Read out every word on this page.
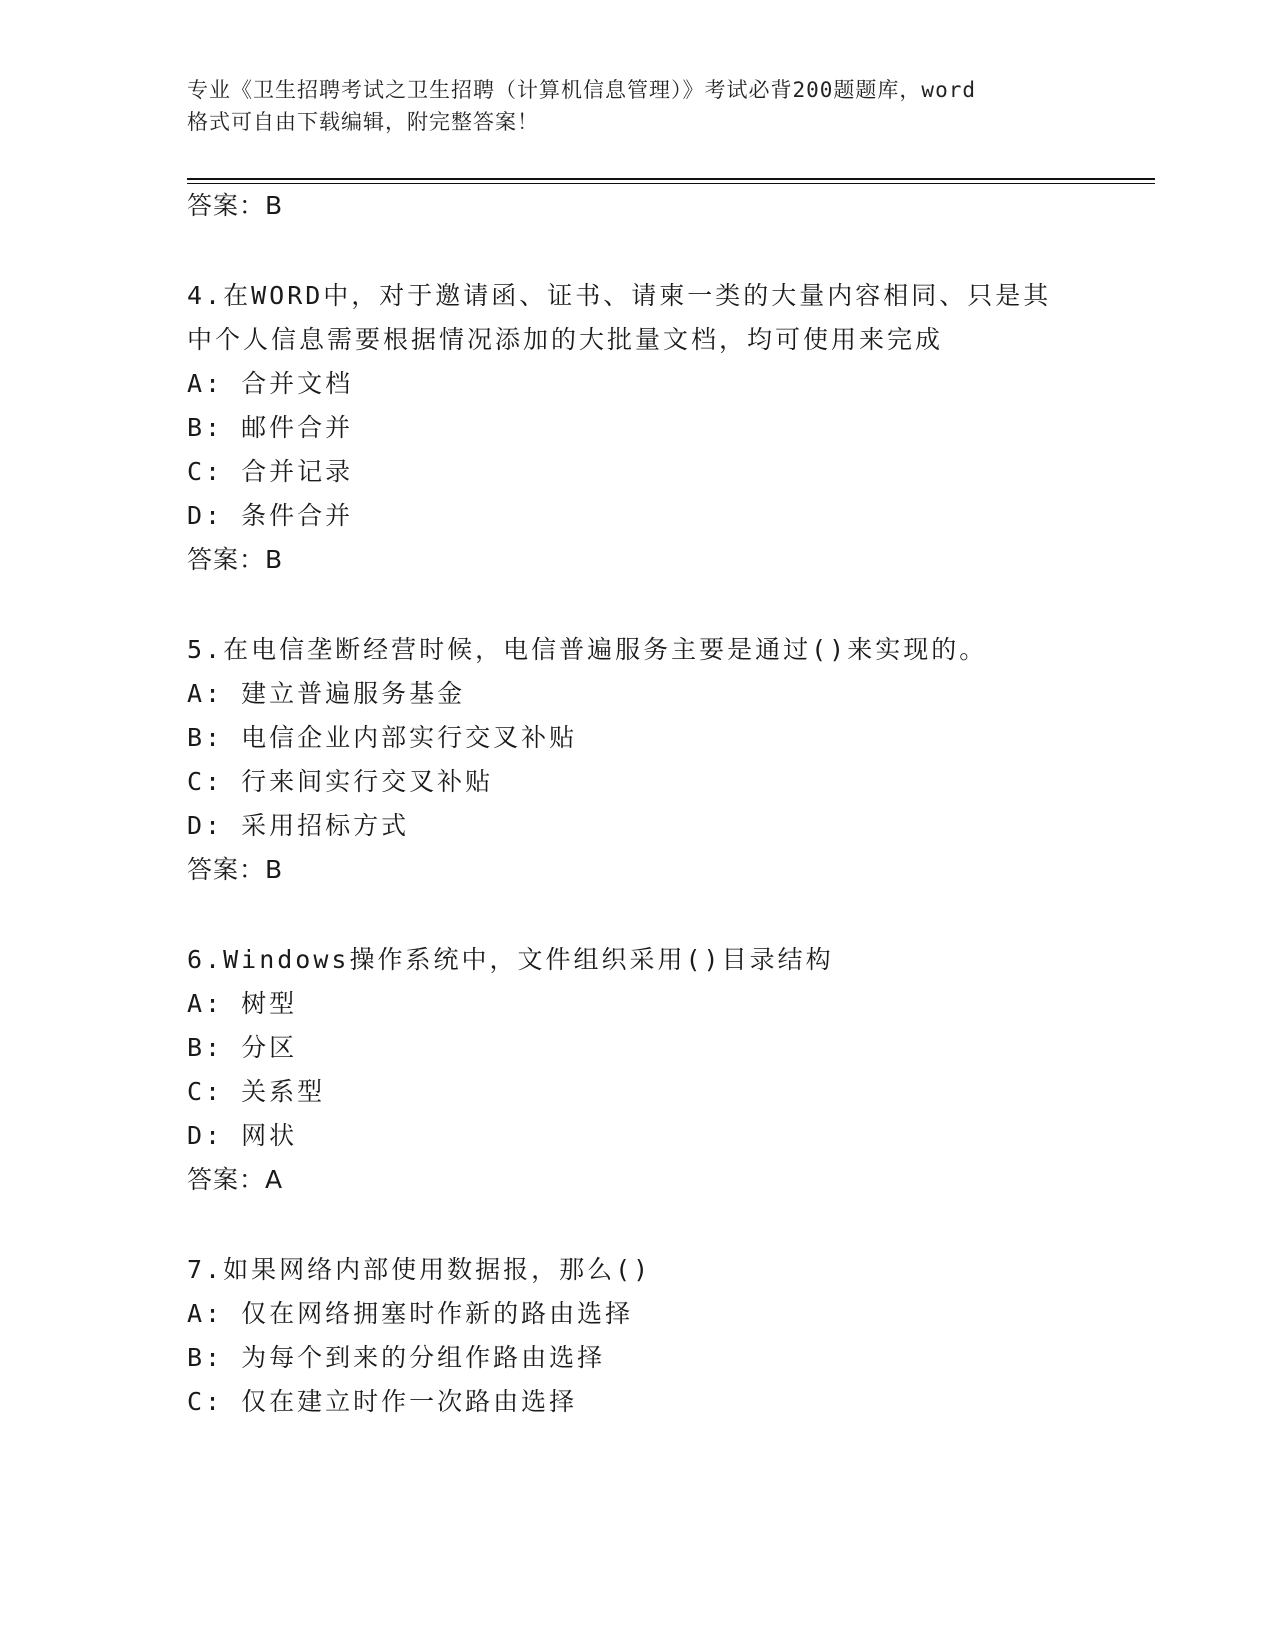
专业《卫生招聘考试之卫生招聘（计算机信息管理）》考试必背200题题库，word
格式可自由下载编辑，附完整答案！
答案：B
4.在WORD中，对于邀请函、证书、请柬一类的大量内容相同、只是其
中个人信息需要根据情况添加的大批量文档，均可使用来完成
A: 合并文档
B: 邮件合并
C: 合并记录
D: 条件合并
答案：B
5.在电信垄断经营时候，电信普遍服务主要是通过()来实现的。
A: 建立普遍服务基金
B: 电信企业内部实行交叉补贴
C: 行来间实行交叉补贴
D: 采用招标方式
答案：B
6.Windows操作系统中，文件组织采用()目录结构
A: 树型
B: 分区
C: 关系型
D: 网状
答案：A
7.如果网络内部使用数据报，那么()
A: 仅在网络拥塞时作新的路由选择
B: 为每个到来的分组作路由选择
C: 仅在建立时作一次路由选择
